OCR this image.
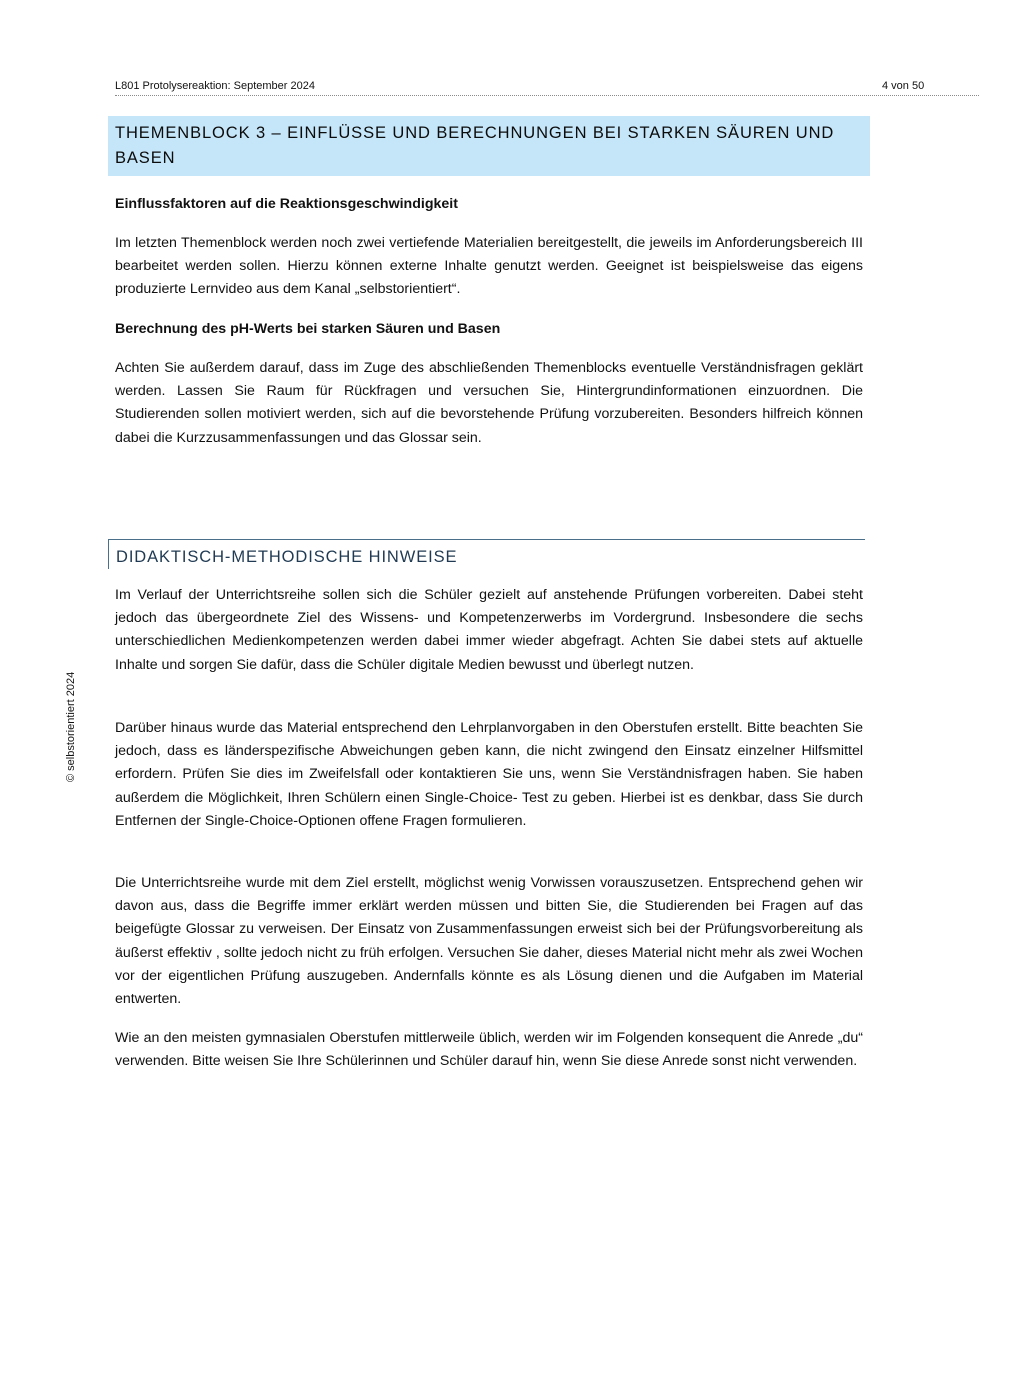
L801 Protolysereaktion: September 2024	4 von 50
© selbstorientiert 2024
THEMENBLOCK 3 – EINFLÜSSE UND BERECHNUNGEN BEI STARKEN SÄUREN UND BASEN
Einflussfaktoren auf die Reaktionsgeschwindigkeit
Im letzten Themenblock werden noch zwei vertiefende Materialien bereitgestellt, die jeweils im Anforderungsbereich III bearbeitet werden sollen. Hierzu können externe Inhalte genutzt werden. Geeignet ist beispielsweise das eigens produzierte Lernvideo aus dem Kanal „selbstorientiert“.
Berechnung des pH-Werts bei starken Säuren und Basen
Achten Sie außerdem darauf, dass im Zuge des abschließenden Themenblocks eventuelle Verständnisfragen geklärt werden. Lassen Sie Raum für Rückfragen und versuchen Sie, Hintergrundinformationen einzuordnen. Die Studierenden sollen motiviert werden, sich auf die bevorstehende Prüfung vorzubereiten. Besonders hilfreich können dabei die Kurzzusammenfassungen und das Glossar sein.
DIDAKTISCH-METHODISCHE HINWEISE
Im Verlauf der Unterrichtsreihe sollen sich die Schüler gezielt auf anstehende Prüfungen vorbereiten. Dabei steht jedoch das übergeordnete Ziel des Wissens- und Kompetenzerwerbs im Vordergrund. Insbesondere die sechs unterschiedlichen Medienkompetenzen werden dabei immer wieder abgefragt. Achten Sie dabei stets auf aktuelle Inhalte und sorgen Sie dafür, dass die Schüler digitale Medien bewusst und überlegt nutzen.
Darüber hinaus wurde das Material entsprechend den Lehrplanvorgaben in den Oberstufen erstellt. Bitte beachten Sie jedoch, dass es länderspezifische Abweichungen geben kann, die nicht zwingend den Einsatz einzelner Hilfsmittel erfordern. Prüfen Sie dies im Zweifelsfall oder kontaktieren Sie uns, wenn Sie Verständnisfragen haben. Sie haben außerdem die Möglichkeit, Ihren Schülern einen Single-Choice- Test zu geben. Hierbei ist es denkbar, dass Sie durch Entfernen der Single-Choice-Optionen offene Fragen formulieren.
Die Unterrichtsreihe wurde mit dem Ziel erstellt, möglichst wenig Vorwissen vorauszusetzen. Entsprechend gehen wir davon aus, dass die Begriffe immer erklärt werden müssen und bitten Sie, die Studierenden bei Fragen auf das beigefügte Glossar zu verweisen. Der Einsatz von Zusammenfassungen erweist sich bei der Prüfungsvorbereitung als äußerst effektiv , sollte jedoch nicht zu früh erfolgen. Versuchen Sie daher, dieses Material nicht mehr als zwei Wochen vor der eigentlichen Prüfung auszugeben. Andernfalls könnte es als Lösung dienen und die Aufgaben im Material entwerten.
Wie an den meisten gymnasialen Oberstufen mittlerweile üblich, werden wir im Folgenden konsequent die Anrede „du“ verwenden. Bitte weisen Sie Ihre Schülerinnen und Schüler darauf hin, wenn Sie diese Anrede sonst nicht verwenden.
